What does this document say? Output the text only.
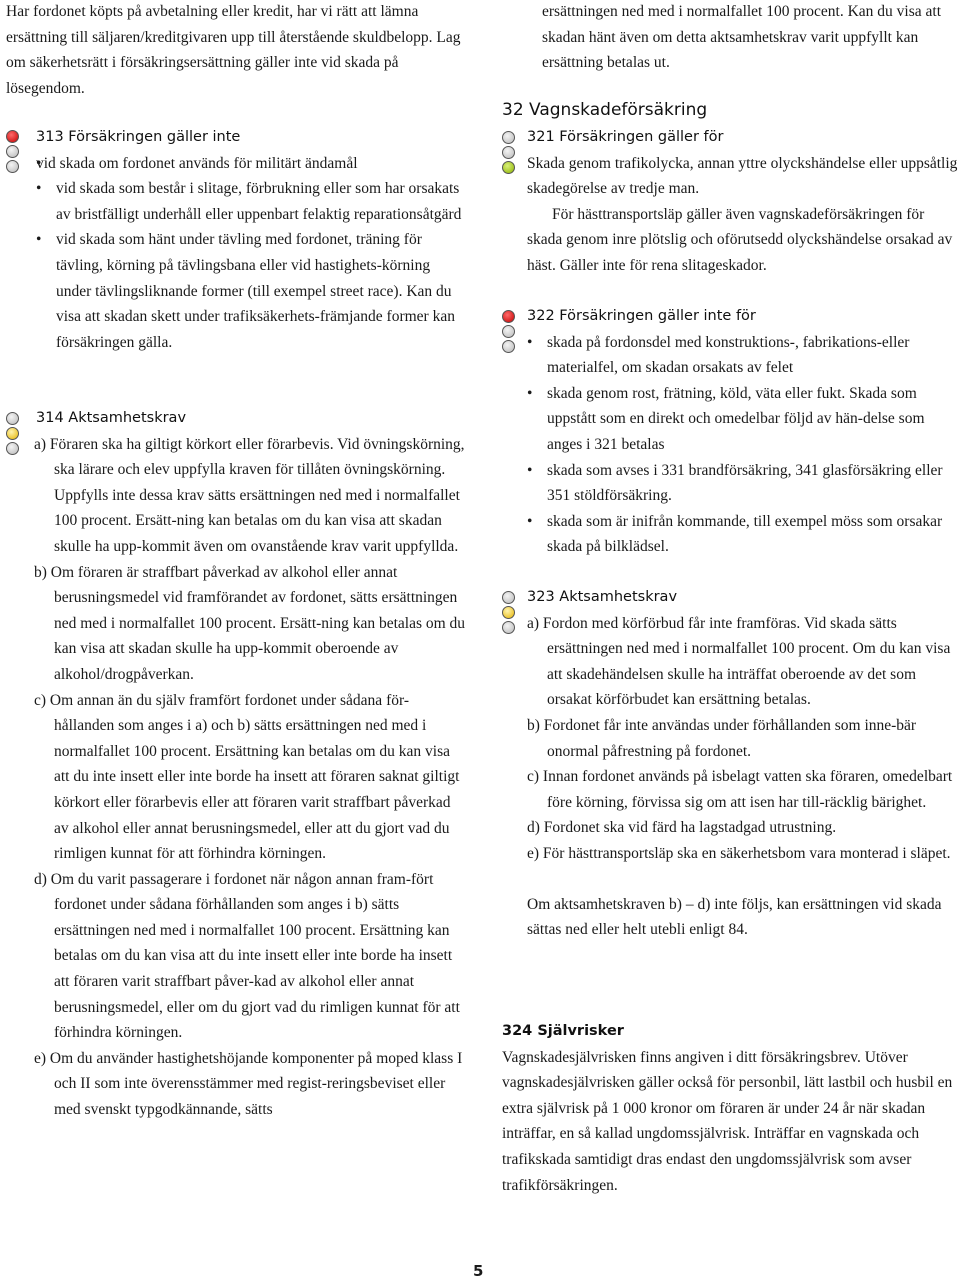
Har fordonet köpts på avbetalning eller kredit, har vi rätt att lämna ersättning till säljaren/kreditgivaren upp till återstående skuldbelopp. Lag om säkerhetsrätt i försäkringsersättning gäller inte vid skada på lösegendom.

313 Försäkringen gäller inte
• vid skada om fordonet används för militärt ändamål
• vid skada som består i slitage, förbrukning eller som har orsakats av bristfälligt underhåll eller uppenbart felaktig reparationsåtgärd
• vid skada som hänt under tävling med fordonet, träning för tävling, körning på tävlingsbana eller vid hastighets-körning under tävlingsliknande former (till exempel street race). Kan du visa att skadan skett under trafiksäkerhets-främjande former kan försäkringen gälla.
314 Aktsamhetskrav
a) Föraren ska ha giltigt körkort eller förarbevis. Vid övningskörning, ska lärare och elev uppfylla kraven för tillåten övningskörning. Uppfylls inte dessa krav sätts ersättningen ned med i normalfallet 100 procent. Ersätt-ning kan betalas om du kan visa att skadan skulle ha upp-kommit även om ovanstående krav varit uppfyllda.
b) Om föraren är straffbart påverkad av alkohol eller annat berusningsmedel vid framförandet av fordonet, sätts ersättningen ned med i normalfallet 100 procent. Ersätt-ning kan betalas om du kan visa att skadan skulle ha upp-kommit oberoende av alkohol/drogpåverkan.
c) Om annan än du själv framfört fordonet under sådana för-hållanden som anges i a) och b) sätts ersättningen ned med i normalfallet 100 procent. Ersättning kan betalas om du kan visa att du inte insett eller inte borde ha insett att föraren saknat giltigt körkort eller förarbevis eller att föraren varit straffbart påverkad av alkohol eller annat berusningsmedel, eller att du gjort vad du rimligen kunnat för att förhindra körningen.
d) Om du varit passagerare i fordonet när någon annan fram-fört fordonet under sådana förhållanden som anges i b) sätts ersättningen ned med i normalfallet 100 procent. Ersättning kan betalas om du kan visa att du inte insett eller inte borde ha insett att föraren varit straffbart påver-kad av alkohol eller annat berusningsmedel, eller om du gjort vad du rimligen kunnat för att förhindra körningen.
e) Om du använder hastighetshöjande komponenter på moped klass I och II som inte överensstämmer med regist-reringsbeviset eller med svenskt typgodkännande, sätts

ersättningen ned med i normalfallet 100 procent. Kan du visa att skadan hänt även om detta aktsamhetskrav varit uppfyllt kan ersättning betalas ut.

32 Vagnskadeförsäkring
321 Försäkringen gäller för
Skada genom trafikolycka, annan yttre olyckshändelse eller uppsåtlig skadegörelse av tredje man.
För hästtransportsläp gäller även vagnskadeförsäkringen för skada genom inre plötslig och oförutsedd olyckshändelse orsakad av häst. Gäller inte för rena slitageskador.
322 Försäkringen gäller inte för
• skada på fordonsdel med konstruktions-, fabrikations-eller materialfel, om skadan orsakats av felet
• skada genom rost, frätning, köld, väta eller fukt. Skada som uppstått som en direkt och omedelbar följd av hän-delse som anges i 321 betalas
• skada som avses i 331 brandförsäkring, 341 glasförsäkring eller 351 stöldförsäkring.
• skada som är inifrån kommande, till exempel möss som orsakar skada på bilklädsel.
323 Aktsamhetskrav
a) Fordon med körförbud får inte framföras. Vid skada sätts ersättningen ned med i normalfallet 100 procent. Om du kan visa att skadehändelsen skulle ha inträffat oberoende av det som orsakat körförbudet kan ersättning betalas.
b) Fordonet får inte användas under förhållanden som inne-bär onormal påfrestning på fordonet.
c) Innan fordonet används på isbelagt vatten ska föraren, omedelbart före körning, förvissa sig om att isen har till-räcklig bärighet.
d) Fordonet ska vid färd ha lagstadgad utrustning.
e) För hästtransportsläp ska en säkerhetsbom vara monterad i släpet.
Om aktsamhetskraven b) – d) inte följs, kan ersättningen vid skada sättas ned eller helt utebli enligt 84.
324 Självrisker
Vagnskadesjälvrisken finns angiven i ditt försäkringsbrev. Utöver vagnskadesjälvrisken gäller också för personbil, lätt lastbil och husbil en extra självrisk på 1 000 kronor om föraren är under 24 år när skadan inträffar, en så kallad ungdomssjälvrisk. Inträffar en vagnskada och trafikskada samtidigt dras endast den ungdomssjälvrisk som avser trafikförsäkringen.
5
